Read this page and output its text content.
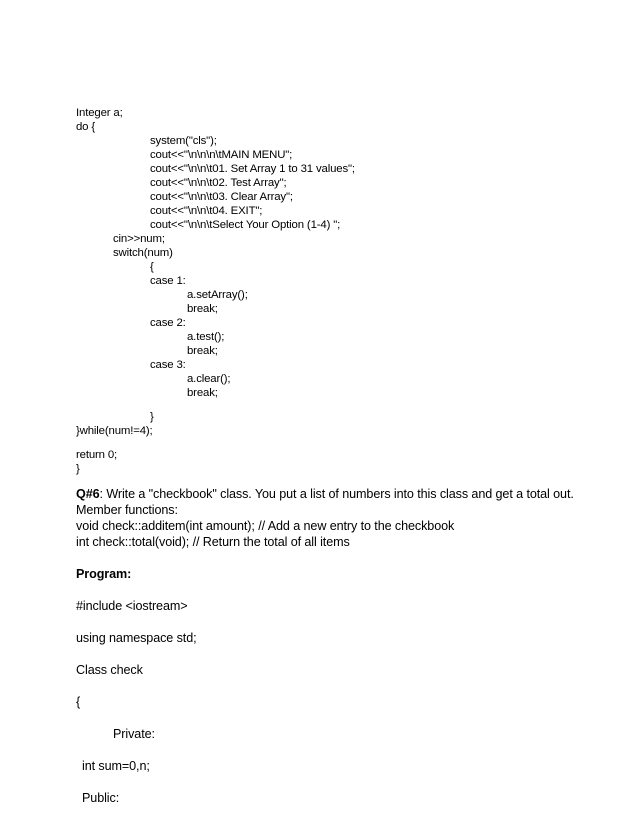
Integer a;
do {
system("cls");
cout<<"\n\n\n\tMAIN MENU";
cout<<"\n\n\t01. Set Array 1 to 31 values";
cout<<"\n\n\t02. Test Array";
cout<<"\n\n\t03. Clear Array";
cout<<"\n\n\t04. EXIT";
cout<<"\n\n\tSelect Your Option (1-4) ";
cin>>num;
switch(num)
{
case 1:
a.setArray();
break;
case 2:
a.test();
break;
case 3:
a.clear();
break;
}
}while(num!=4);
return 0;
}
Q#6: Write a "checkbook" class. You put a list of numbers into this class and get a total out.
Member functions:
void check::additem(int amount); // Add a new entry to the checkbook
int check::total(void); // Return the total of all items
Program:
#include <iostream>
using namespace std;
Class check
{
Private:
int sum=0,n;
Public:
